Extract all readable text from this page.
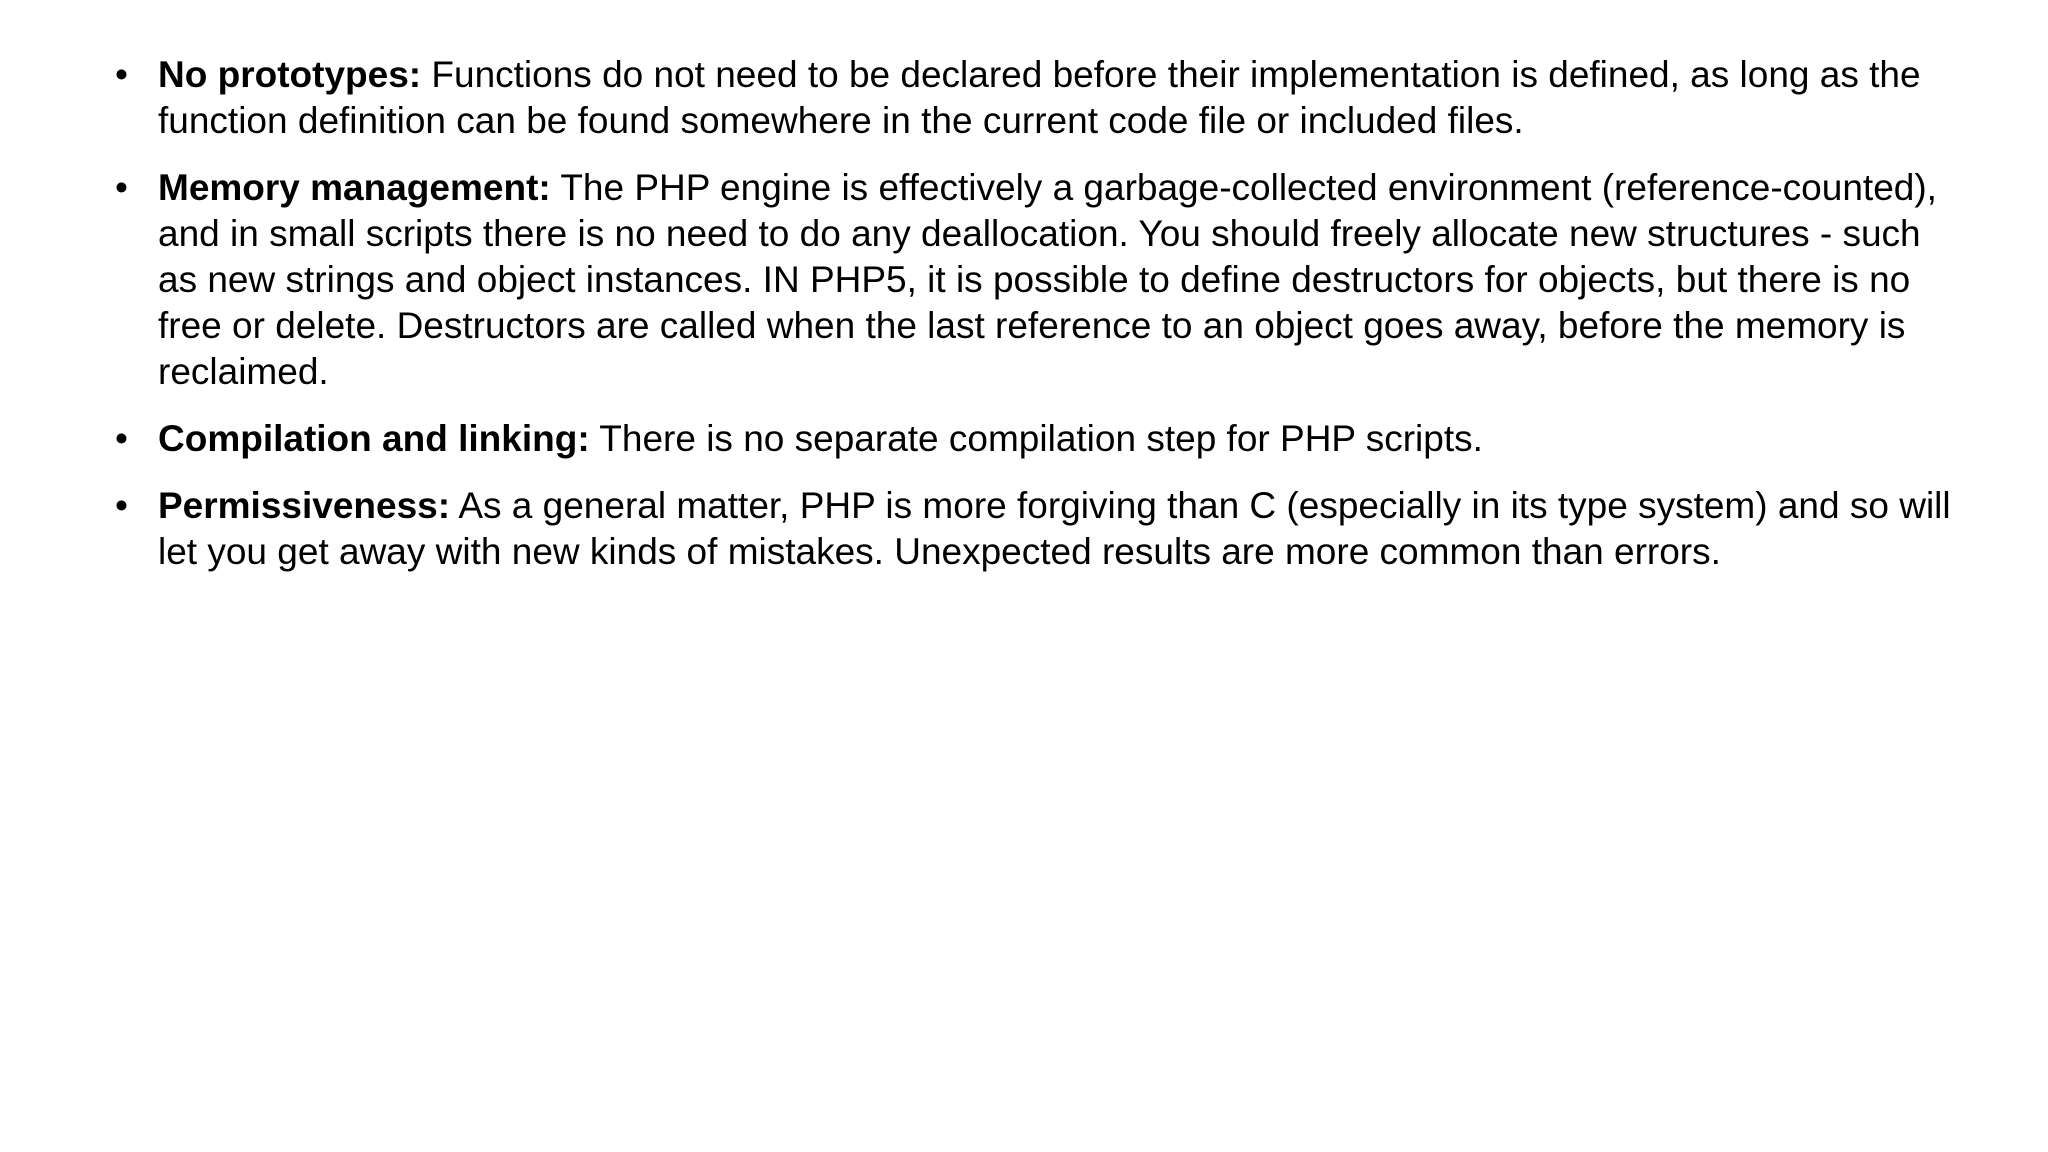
• No prototypes: Functions do not need to be declared before their implementation is defined, as long as the function definition can be found somewhere in the current code file or included files.
• Memory management: The PHP engine is effectively a garbage-collected environment (reference-counted), and in small scripts there is no need to do any deallocation. You should freely allocate new structures - such as new strings and object instances. IN PHP5, it is possible to define destructors for objects, but there is no free or delete. Destructors are called when the last reference to an object goes away, before the memory is reclaimed.
• Compilation and linking: There is no separate compilation step for PHP scripts.
• Permissiveness: As a general matter, PHP is more forgiving than C (especially in its type system) and so will let you get away with new kinds of mistakes. Unexpected results are more common than errors.
